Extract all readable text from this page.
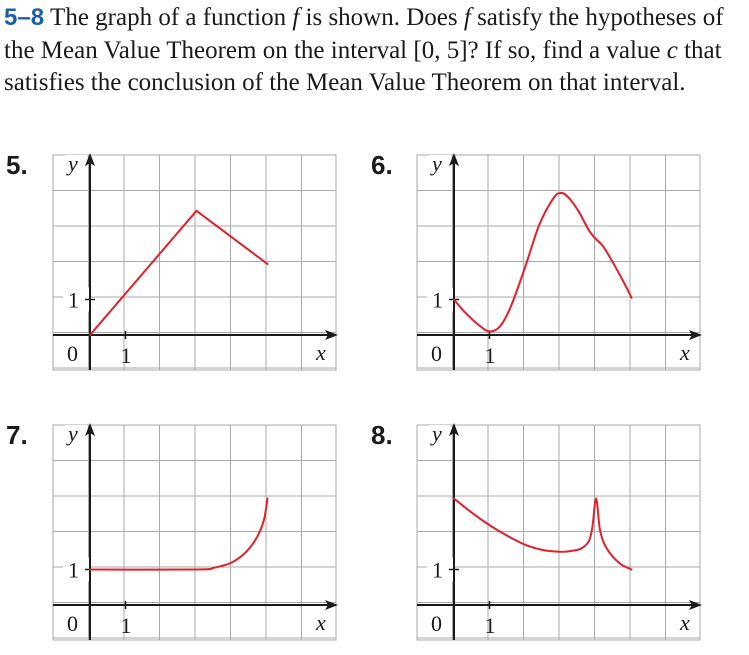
5–8 The graph of a function f is shown. Does f satisfy the hypotheses of the Mean Value Theorem on the interval [0, 5]? If so, find a value c that satisfies the conclusion of the Mean Value Theorem on that interval.
5. y
x
0 1
1
6. y
x
0 1
1
7. y
x
0 1
1
8. y
x
0 1
1
